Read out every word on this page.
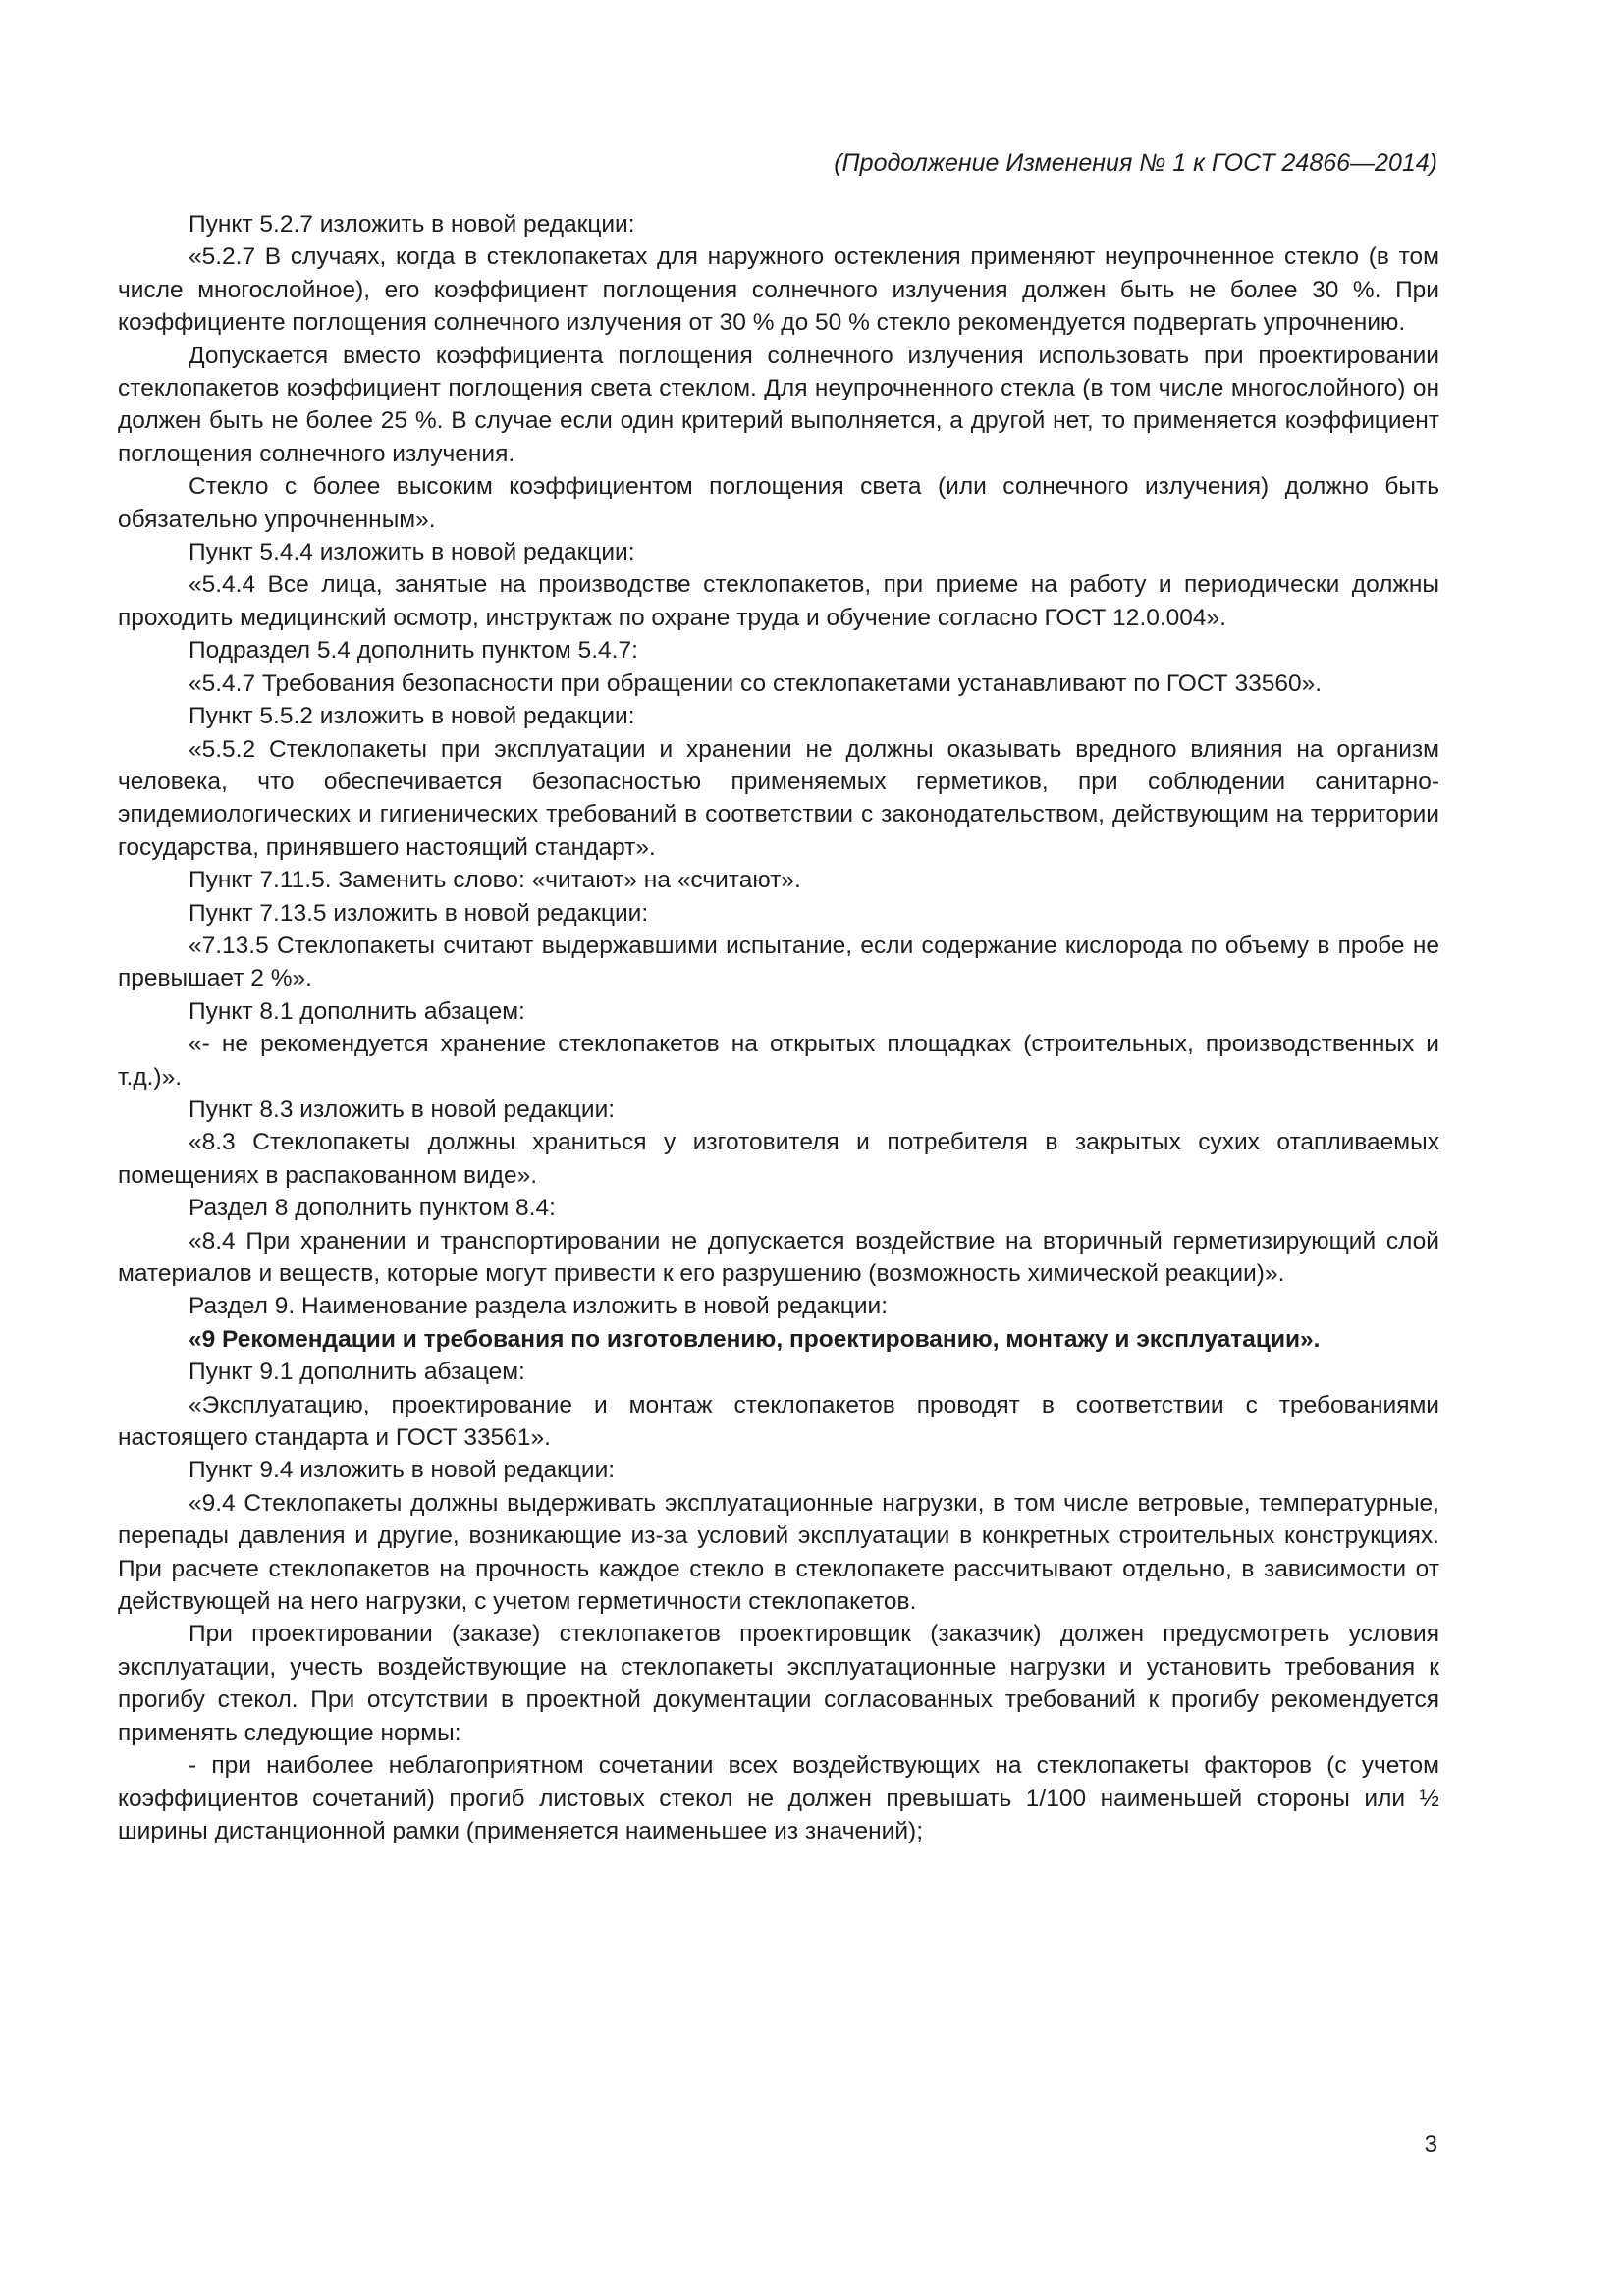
(Продолжение Изменения № 1 к ГОСТ 24866—2014)

Пункт 5.2.7 изложить в новой редакции:

«5.2.7 В случаях, когда в стеклопакетах для наружного остекления применяют неупрочненное стекло (в том числе многослойное), его коэффициент поглощения солнечного излучения должен быть не более 30 %. При коэффициенте поглощения солнечного излучения от 30 % до 50 % стекло рекомендуется подвергать упрочнению.

Допускается вместо коэффициента поглощения солнечного излучения использовать при проектировании стеклопакетов коэффициент поглощения света стеклом. Для неупрочненного стекла (в том числе многослойного) он должен быть не более 25 %. В случае если один критерий выполняется, а другой нет, то применяется коэффициент поглощения солнечного излучения.

Стекло с более высоким коэффициентом поглощения света (или солнечного излучения) должно быть обязательно упрочненным».

Пункт 5.4.4 изложить в новой редакции:

«5.4.4 Все лица, занятые на производстве стеклопакетов, при приеме на работу и периодически должны проходить медицинский осмотр, инструктаж по охране труда и обучение согласно ГОСТ 12.0.004».

Подраздел 5.4 дополнить пунктом 5.4.7:

«5.4.7 Требования безопасности при обращении со стеклопакетами устанавливают по ГОСТ 33560».

Пункт 5.5.2 изложить в новой редакции:

«5.5.2 Стеклопакеты при эксплуатации и хранении не должны оказывать вредного влияния на организм человека, что обеспечивается безопасностью применяемых герметиков, при соблюдении санитарно-эпидемиологических и гигиенических требований в соответствии с законодательством, действующим на территории государства, принявшего настоящий стандарт».

Пункт 7.11.5. Заменить слово: «читают» на «считают».

Пункт 7.13.5 изложить в новой редакции:

«7.13.5 Стеклопакеты считают выдержавшими испытание, если содержание кислорода по объему в пробе не превышает 2 %».

Пункт 8.1 дополнить абзацем:

«- не рекомендуется хранение стеклопакетов на открытых площадках (строительных, производственных и т.д.)».

Пункт 8.3 изложить в новой редакции:

«8.3 Стеклопакеты должны храниться у изготовителя и потребителя в закрытых сухих отапливаемых помещениях в распакованном виде».

Раздел 8 дополнить пунктом 8.4:

«8.4 При хранении и транспортировании не допускается воздействие на вторичный герметизирующий слой материалов и веществ, которые могут привести к его разрушению (возможность химической реакции)».

Раздел 9. Наименование раздела изложить в новой редакции:

«9 Рекомендации и требования по изготовлению, проектированию, монтажу и эксплуатации».

Пункт 9.1 дополнить абзацем:

«Эксплуатацию, проектирование и монтаж стеклопакетов проводят в соответствии с требованиями настоящего стандарта и ГОСТ 33561».

Пункт 9.4 изложить в новой редакции:

«9.4 Стеклопакеты должны выдерживать эксплуатационные нагрузки, в том числе ветровые, температурные, перепады давления и другие, возникающие из-за условий эксплуатации в конкретных строительных конструкциях. При расчете стеклопакетов на прочность каждое стекло в стеклопакете рассчитывают отдельно, в зависимости от действующей на него нагрузки, с учетом герметичности стеклопакетов.

При проектировании (заказе) стеклопакетов проектировщик (заказчик) должен предусмотреть условия эксплуатации, учесть воздействующие на стеклопакеты эксплуатационные нагрузки и установить требования к прогибу стекол. При отсутствии в проектной документации согласованных требований к прогибу рекомендуется применять следующие нормы:

- при наиболее неблагоприятном сочетании всех воздействующих на стеклопакеты факторов (с учетом коэффициентов сочетаний) прогиб листовых стекол не должен превышать 1/100 наименьшей стороны или ½ ширины дистанционной рамки (применяется наименьшее из значений);

3
